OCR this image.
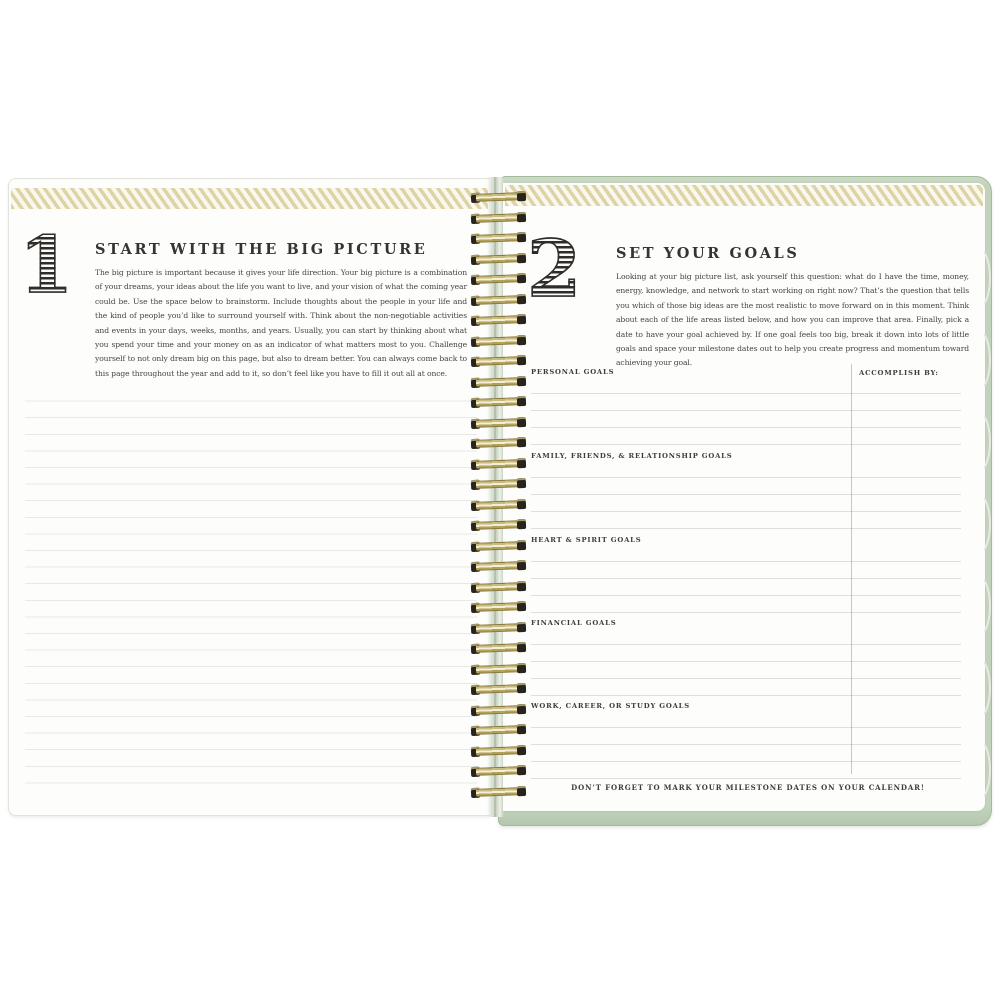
1 START WITH THE BIG PICTURE

The big picture is important because it gives your life direction. Your big picture is a combination of your dreams, your ideas about the life you want to live, and your vision of what the coming year could be. Use the space below to brainstorm. Include thoughts about the people in your life and the kind of people you’d like to surround yourself with. Think about the non-negotiable activities and events in your days, weeks, months, and years. Usually, you can start by thinking about what you spend your time and your money on as an indicator of what matters most to you. Challenge yourself to not only dream big on this page, but also to dream better. You can always come back to this page throughout the year and add to it, so don’t feel like you have to fill it out all at once.

2 SET YOUR GOALS

Looking at your big picture list, ask yourself this question: what do I have the time, money, energy, knowledge, and network to start working on right now? That’s the question that tells you which of those big ideas are the most realistic to move forward on in this moment. Think about each of the life areas listed below, and how you can improve that area. Finally, pick a date to have your goal achieved by. If one goal feels too big, break it down into lots of little goals and space your milestone dates out to help you create progress and momentum toward achieving your goal.

ACCOMPLISH BY:
PERSONAL GOALS
FAMILY, FRIENDS, & RELATIONSHIP GOALS
HEART & SPIRIT GOALS
FINANCIAL GOALS
WORK, CAREER, OR STUDY GOALS
DON’T FORGET TO MARK YOUR MILESTONE DATES ON YOUR CALENDAR!
